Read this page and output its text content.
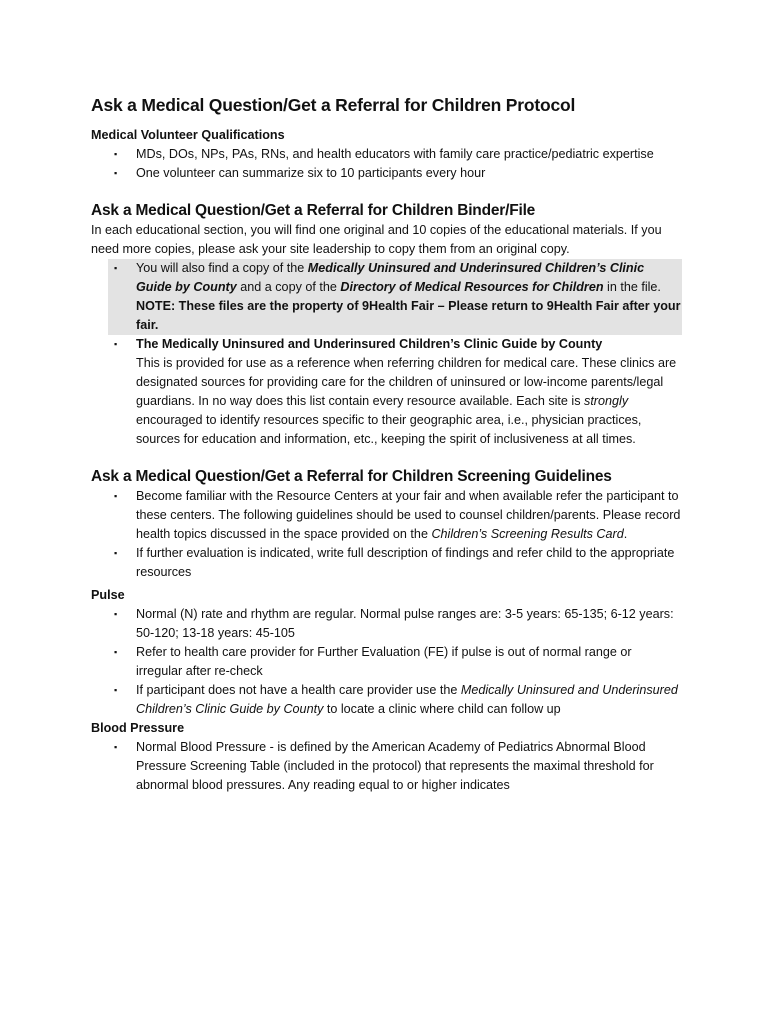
Ask a Medical Question/Get a Referral for Children Protocol
Medical Volunteer Qualifications
▪ MDs, DOs, NPs, PAs, RNs, and health educators with family care practice/pediatric expertise
▪ One volunteer can summarize six to 10 participants every hour
Ask a Medical Question/Get a Referral for Children Binder/File

In each educational section, you will find one original and 10 copies of the educational materials. If you need more copies, please ask your site leadership to copy them from an original copy.

▪ You will also find a copy of the Medically Uninsured and Underinsured Children’s Clinic Guide by County and a copy of the Directory of Medical Resources for Children in the file. NOTE: These files are the property of 9Health Fair – Please return to 9Health Fair after your fair.
▪ The Medically Uninsured and Underinsured Children’s Clinic Guide by County
This is provided for use as a reference when referring children for medical care. These clinics are designated sources for providing care for the children of uninsured or low-income parents/legal guardians. In no way does this list contain every resource available. Each site is strongly encouraged to identify resources specific to their geographic area, i.e., physician practices, sources for education and information, etc., keeping the spirit of inclusiveness at all times.
Ask a Medical Question/Get a Referral for Children Screening Guidelines
▪ Become familiar with the Resource Centers at your fair and when available refer the participant to these centers. The following guidelines should be used to counsel children/parents. Please record health topics discussed in the space provided on the Children’s Screening Results Card.
▪ If further evaluation is indicated, write full description of findings and refer child to the appropriate resources
Pulse
▪ Normal (N) rate and rhythm are regular. Normal pulse ranges are: 3-5 years: 65-135; 6-12 years: 50-120; 13-18 years: 45-105
▪ Refer to health care provider for Further Evaluation (FE) if pulse is out of normal range or irregular after re-check
▪ If participant does not have a health care provider use the Medically Uninsured and Underinsured Children’s Clinic Guide by County to locate a clinic where child can follow up
Blood Pressure
▪ Normal Blood Pressure - is defined by the American Academy of Pediatrics Abnormal Blood Pressure Screening Table (included in the protocol) that represents the maximal threshold for abnormal blood pressures. Any reading equal to or higher indicates
